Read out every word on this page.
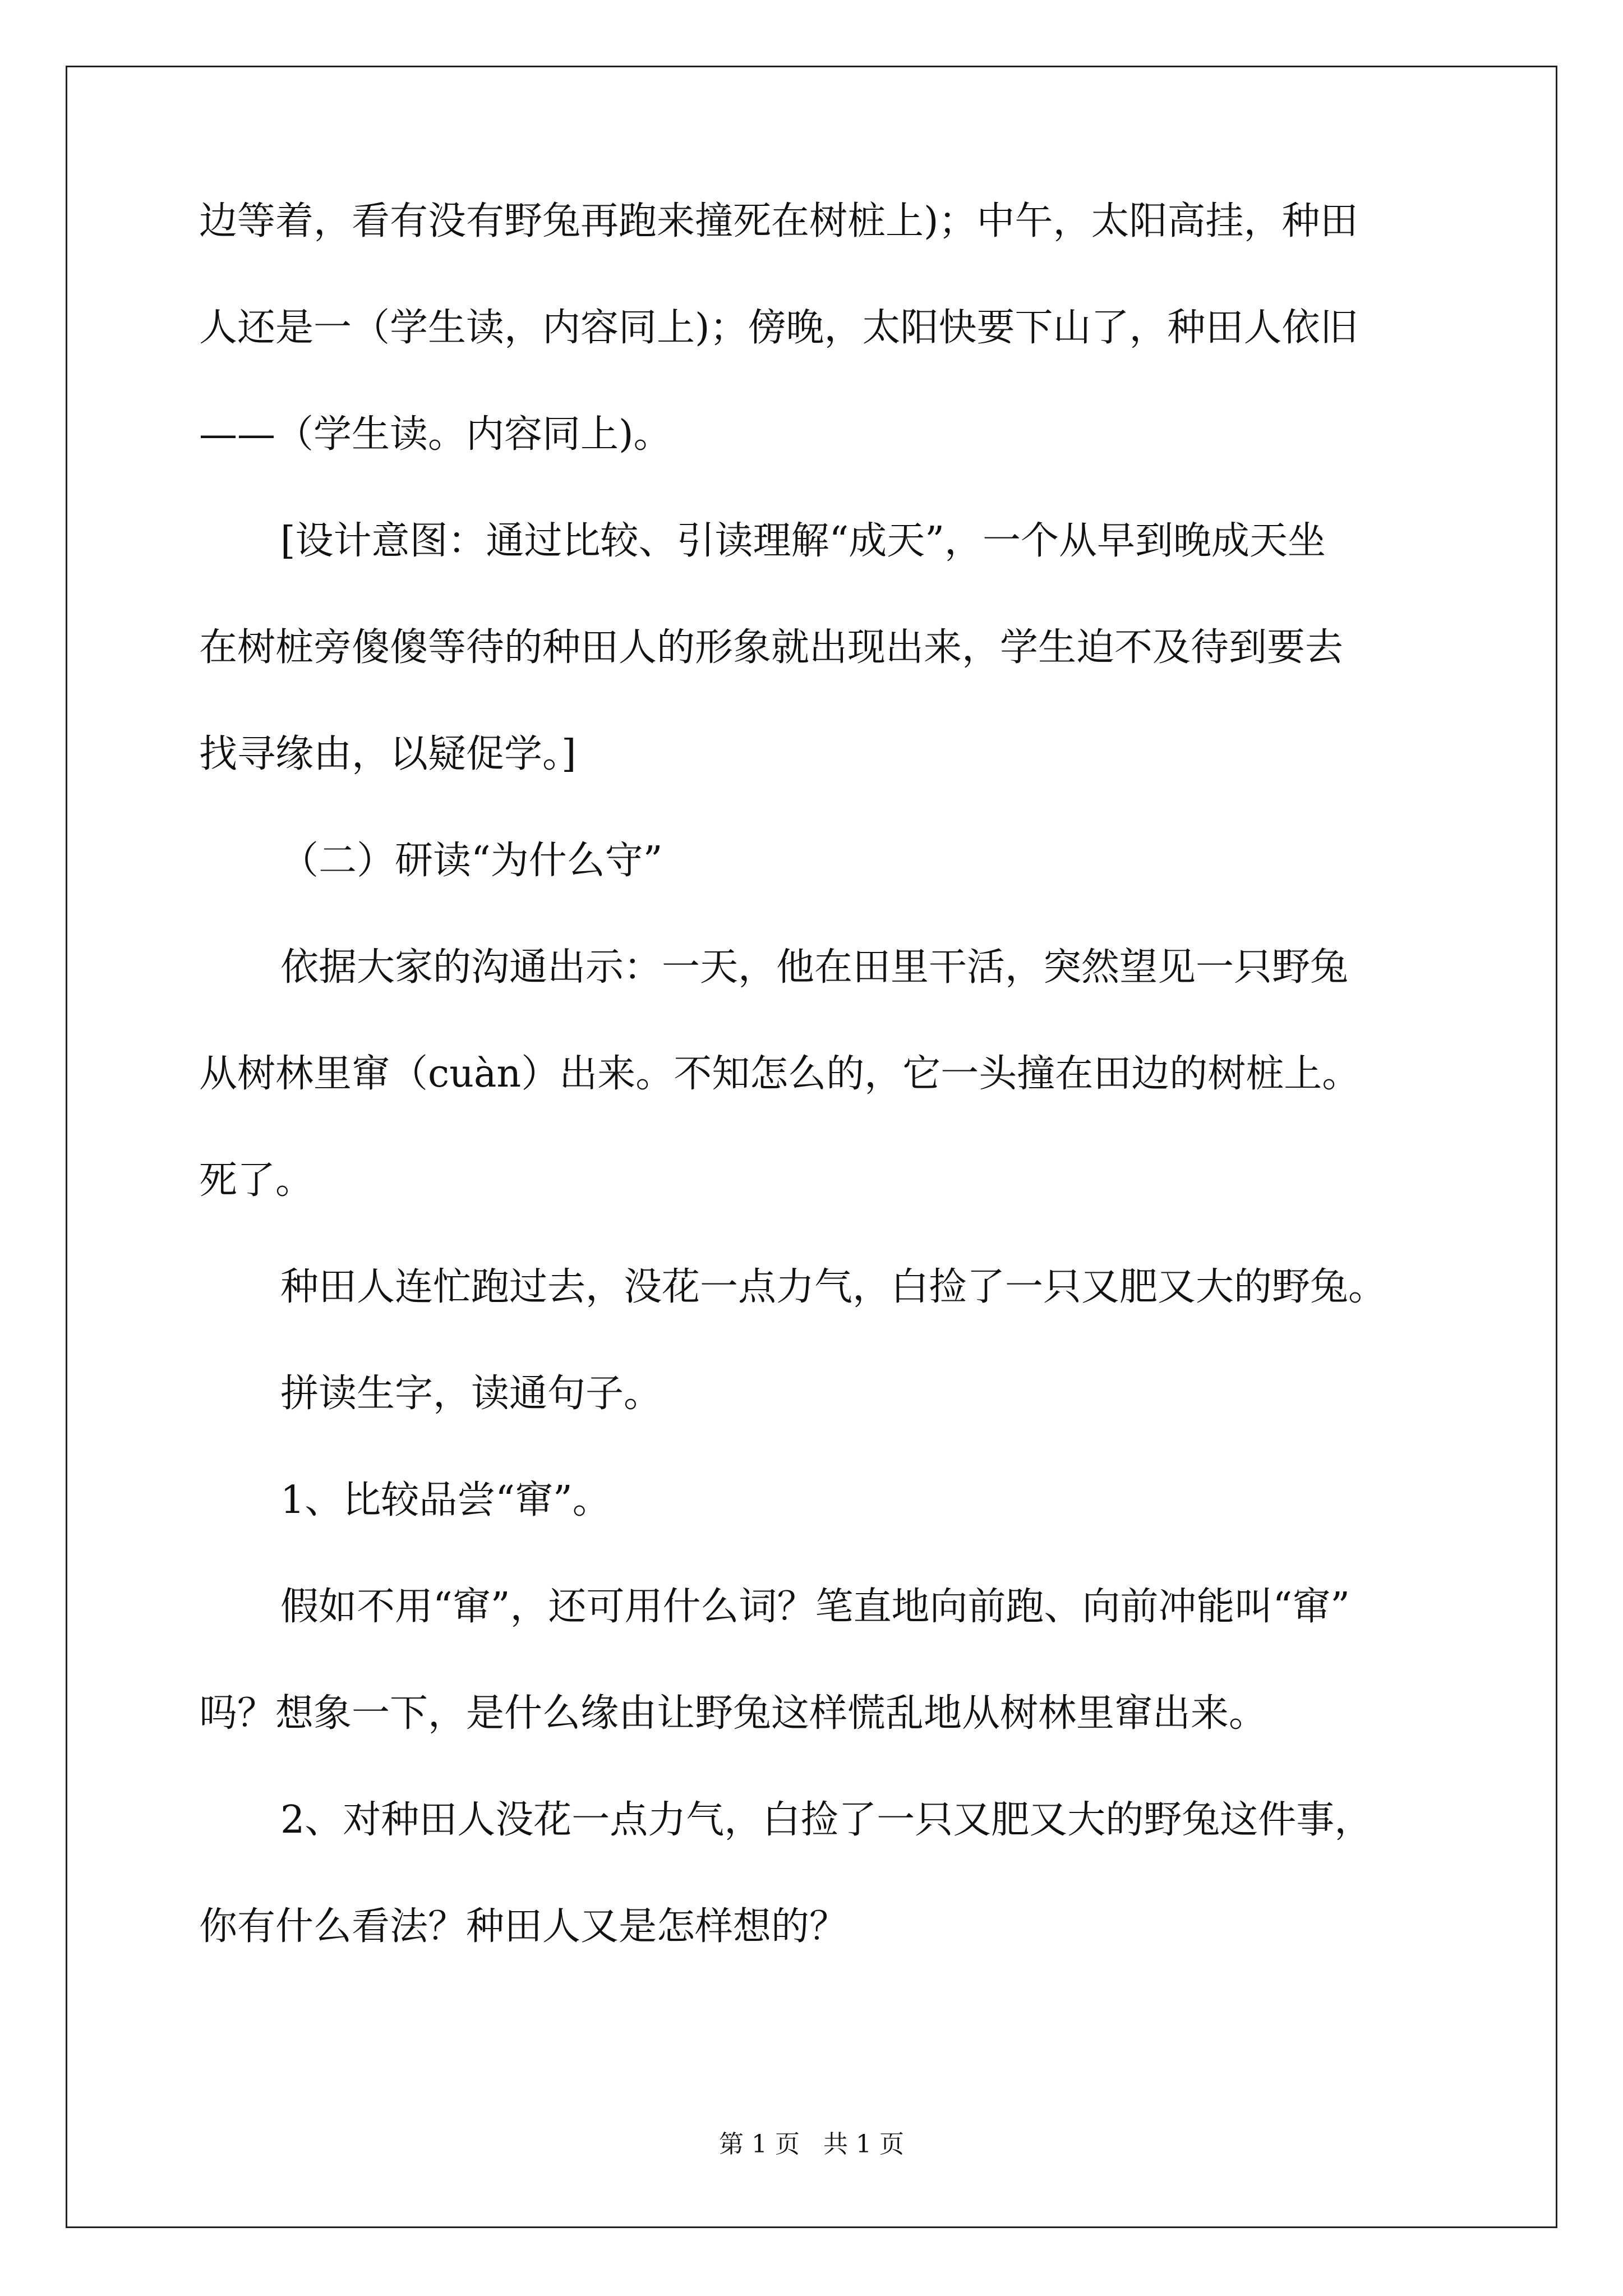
边等着，看有没有野兔再跑来撞死在树桩上)；中午，太阳高挂，种田
人还是一（学生读，内容同上)；傍晚，太阳快要下山了，种田人依旧
——（学生读。内容同上)。
[设计意图：通过比较、引读理解“成天”，一个从早到晚成天坐
在树桩旁傻傻等待的种田人的形象就出现出来，学生迫不及待到要去
找寻缘由，以疑促学。]
（二）研读“为什么守”
依据大家的沟通出示：一天，他在田里干活，突然望见一只野兔
从树林里窜（cuàn）出来。不知怎么的，它一头撞在田边的树桩上。
死了。
种田人连忙跑过去，没花一点力气，白捡了一只又肥又大的野兔。
拼读生字，读通句子。
1、比较品尝“窜”。
假如不用“窜”，还可用什么词？笔直地向前跑、向前冲能叫“窜”
吗？想象一下，是什么缘由让野兔这样慌乱地从树林里窜出来。
2、对种田人没花一点力气，白捡了一只又肥又大的野兔这件事，
你有什么看法？种田人又是怎样想的？
第 1 页   共 1 页
